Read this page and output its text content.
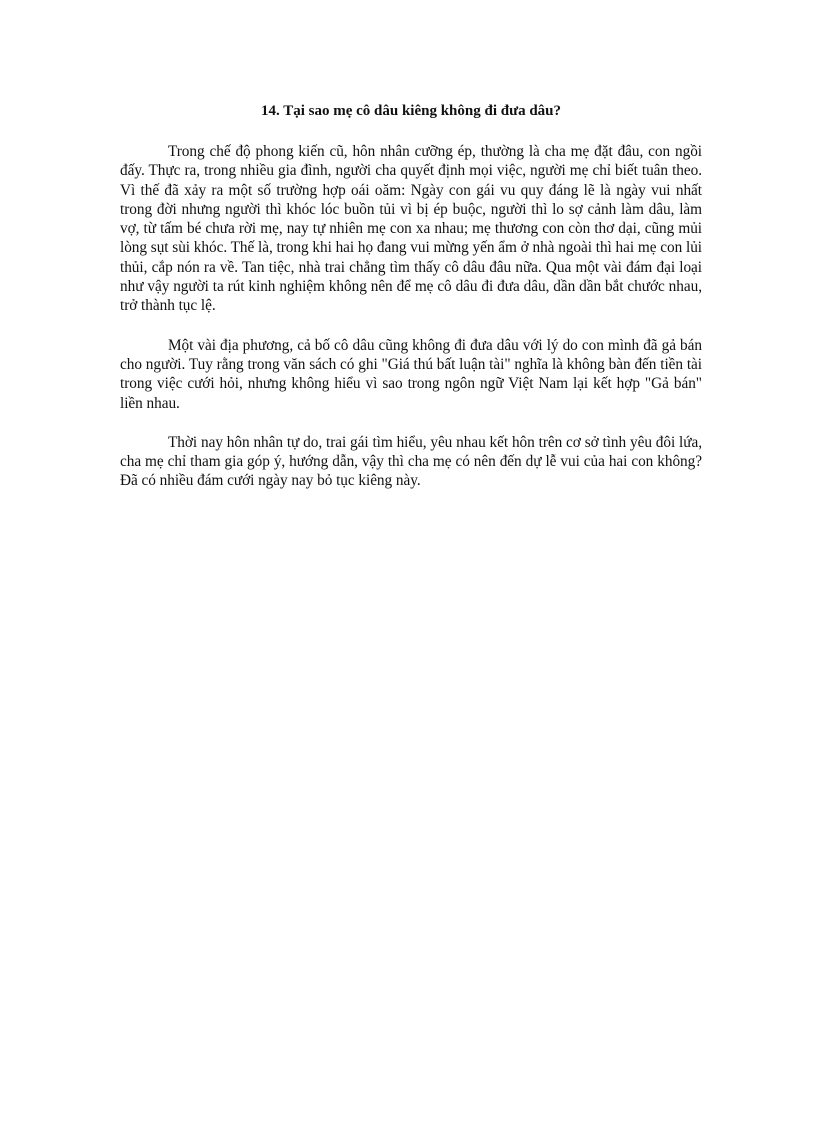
14. Tại sao mẹ cô dâu kiêng không đi đưa dâu?

Trong chế độ phong kiến cũ, hôn nhân cưỡng ép, thường là cha mẹ đặt đâu, con ngồi đấy. Thực ra, trong nhiều gia đình, người cha quyết định mọi việc, người mẹ chỉ biết tuân theo. Vì thế đã xảy ra một số trường hợp oái oăm: Ngày con gái vu quy đáng lẽ là ngày vui nhất trong đời nhưng người thì khóc lóc buồn tủi vì bị ép buộc, người thì lo sợ cảnh làm dâu, làm vợ, từ tấm bé chưa rời mẹ, nay tự nhiên mẹ con xa nhau; mẹ thương con còn thơ dại, cũng mủi lòng sụt sùi khóc. Thế là, trong khi hai họ đang vui mừng yến ẩm ở nhà ngoài thì hai mẹ con lủi thủi, cắp nón ra về. Tan tiệc, nhà trai chẳng tìm thấy cô dâu đâu nữa. Qua một vài đám đại loại như vậy người ta rút kinh nghiệm không nên để mẹ cô dâu đi đưa dâu, dần dần bắt chước nhau, trở thành tục lệ.

Một vài địa phương, cả bố cô dâu cũng không đi đưa dâu với lý do con mình đã gả bán cho người. Tuy rằng trong văn sách có ghi "Giá thú bất luận tài" nghĩa là không bàn đến tiền tài trong việc cưới hỏi, nhưng không hiểu vì sao trong ngôn ngữ Việt Nam lại kết hợp "Gả bán" liền nhau.

Thời nay hôn nhân tự do, trai gái tìm hiểu, yêu nhau kết hôn trên cơ sở tình yêu đôi lứa, cha mẹ chỉ tham gia góp ý, hướng dẫn, vậy thì cha mẹ có nên đến dự lễ vui của hai con không? Đã có nhiều đám cưới ngày nay bỏ tục kiêng này.
